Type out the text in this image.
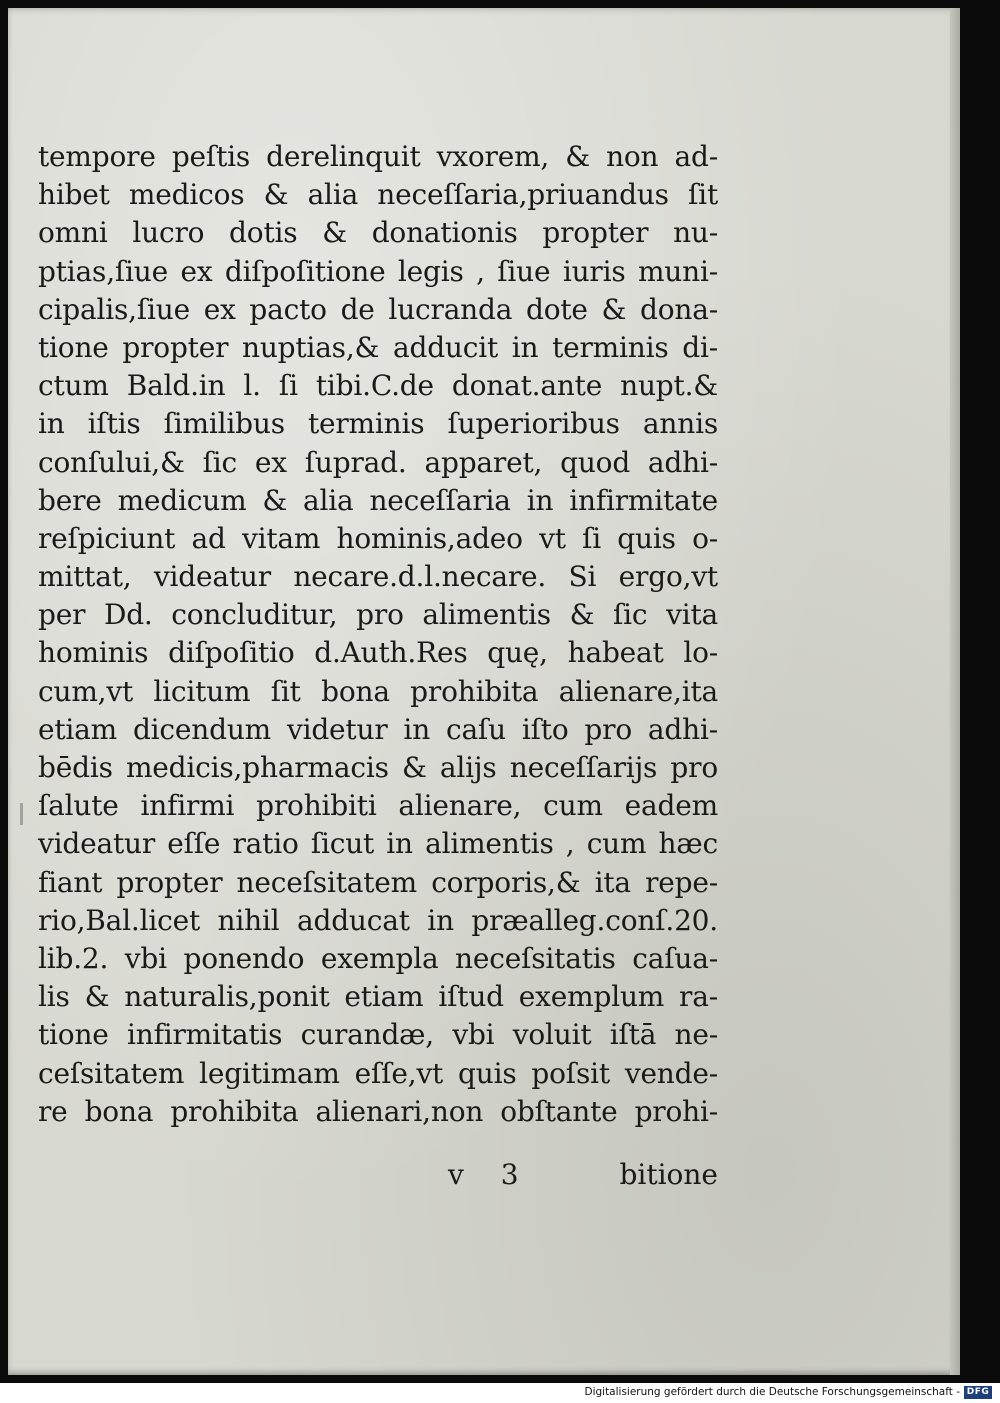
tempore peſtis derelinquit vxorem, & non ad-
hibet medicos & alia neceſſaria,priuandus ſit
omni lucro dotis & donationis propter nu-
ptias,ſiue ex diſpoſitione legis , ſiue iuris muni-
cipalis,ſiue ex pacto de lucranda dote & dona-
tione propter nuptias,& adducit in terminis di-
ctum Bald.in l. ſi tibi.C.de donat.ante nupt.&
in iſtis ſimilibus terminis ſuperioribus annis
conſului,& ſic ex ſuprad. apparet, quod adhi-
bere medicum & alia neceſſaria in infirmitate
reſpiciunt ad vitam hominis,adeo vt ſi quis o-
mittat, videatur necare.d.l.necare. Si ergo,vt
per Dd. concluditur, pro alimentis & ſic vita
hominis diſpoſitio d.Auth.Res quę, habeat lo-
cum,vt licitum ſit bona prohibita alienare,ita
etiam dicendum videtur in caſu iſto pro adhi-
bēdis medicis,pharmacis & alijs neceſſarijs pro
ſalute infirmi prohibiti alienare, cum eadem
videatur eſſe ratio ſicut in alimentis , cum hæc
fiant propter neceſsitatem corporis,& ita repe-
rio,Bal.licet nihil adducat in præalleg.conſ.20.
lib.2. vbi ponendo exempla neceſsitatis caſua-
lis & naturalis,ponit etiam iſtud exemplum ra-
tione infirmitatis curandæ, vbi voluit iſtā ne-
ceſsitatem legitimam eſſe,vt quis poſsit vende-
re bona prohibita alienari,non obſtante prohi-
v 3	bitione
Digitalisierung gefördert durch die Deutsche Forschungsgemeinschaft - DFG
